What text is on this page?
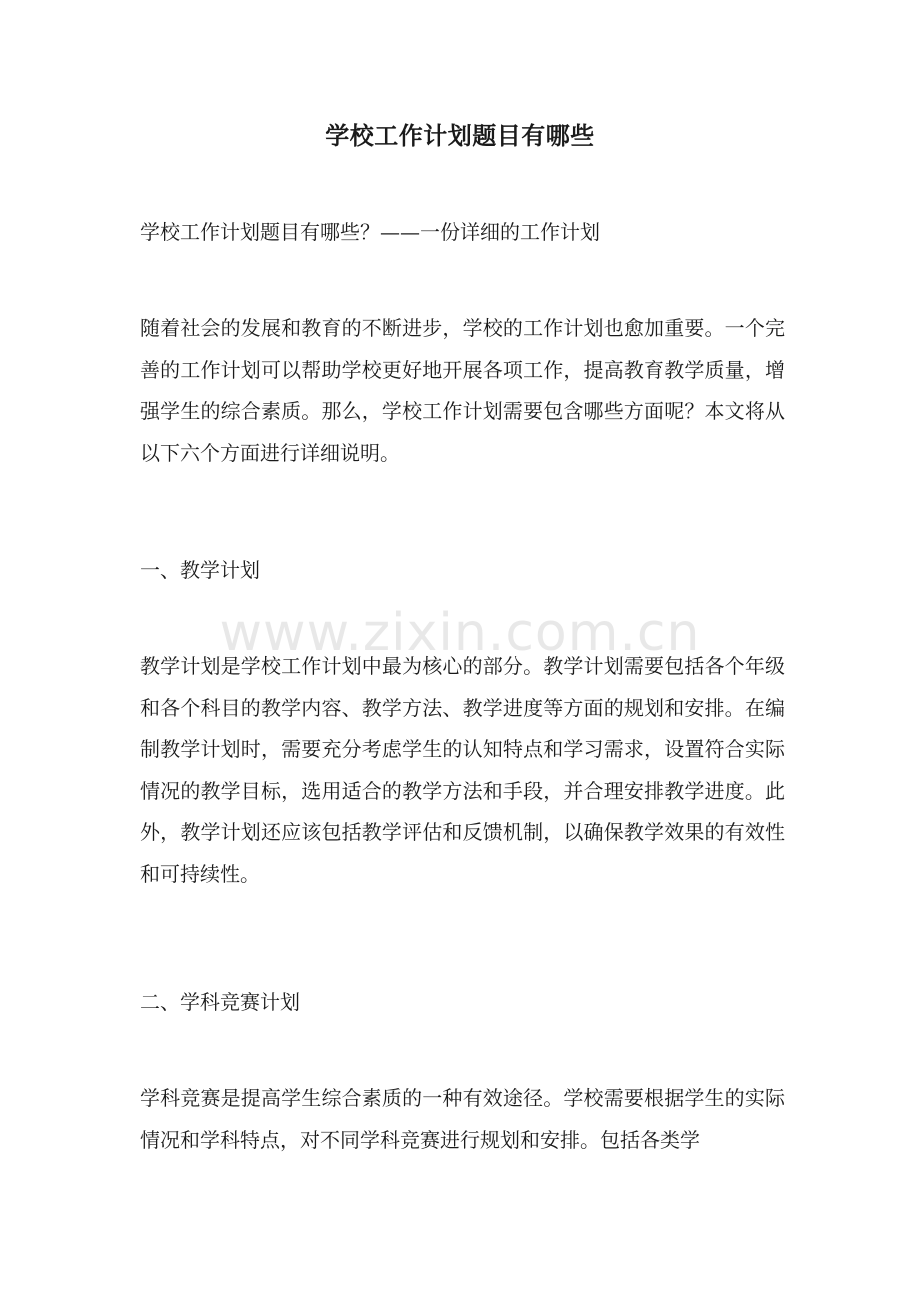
学校工作计划题目有哪些

学校工作计划题目有哪些？——一份详细的工作计划

随着社会的发展和教育的不断进步，学校的工作计划也愈加重要。一个完善的工作计划可以帮助学校更好地开展各项工作，提高教育教学质量，增强学生的综合素质。那么，学校工作计划需要包含哪些方面呢？本文将从以下六个方面进行详细说明。

一、教学计划

教学计划是学校工作计划中最为核心的部分。教学计划需要包括各个年级和各个科目的教学内容、教学方法、教学进度等方面的规划和安排。在编制教学计划时，需要充分考虑学生的认知特点和学习需求，设置符合实际情况的教学目标，选用适合的教学方法和手段，并合理安排教学进度。此外，教学计划还应该包括教学评估和反馈机制，以确保教学效果的有效性和可持续性。

二、学科竞赛计划

学科竞赛是提高学生综合素质的一种有效途径。学校需要根据学生的实际情况和学科特点，对不同学科竞赛进行规划和安排。包括各类学

www.zixin.com.cn
